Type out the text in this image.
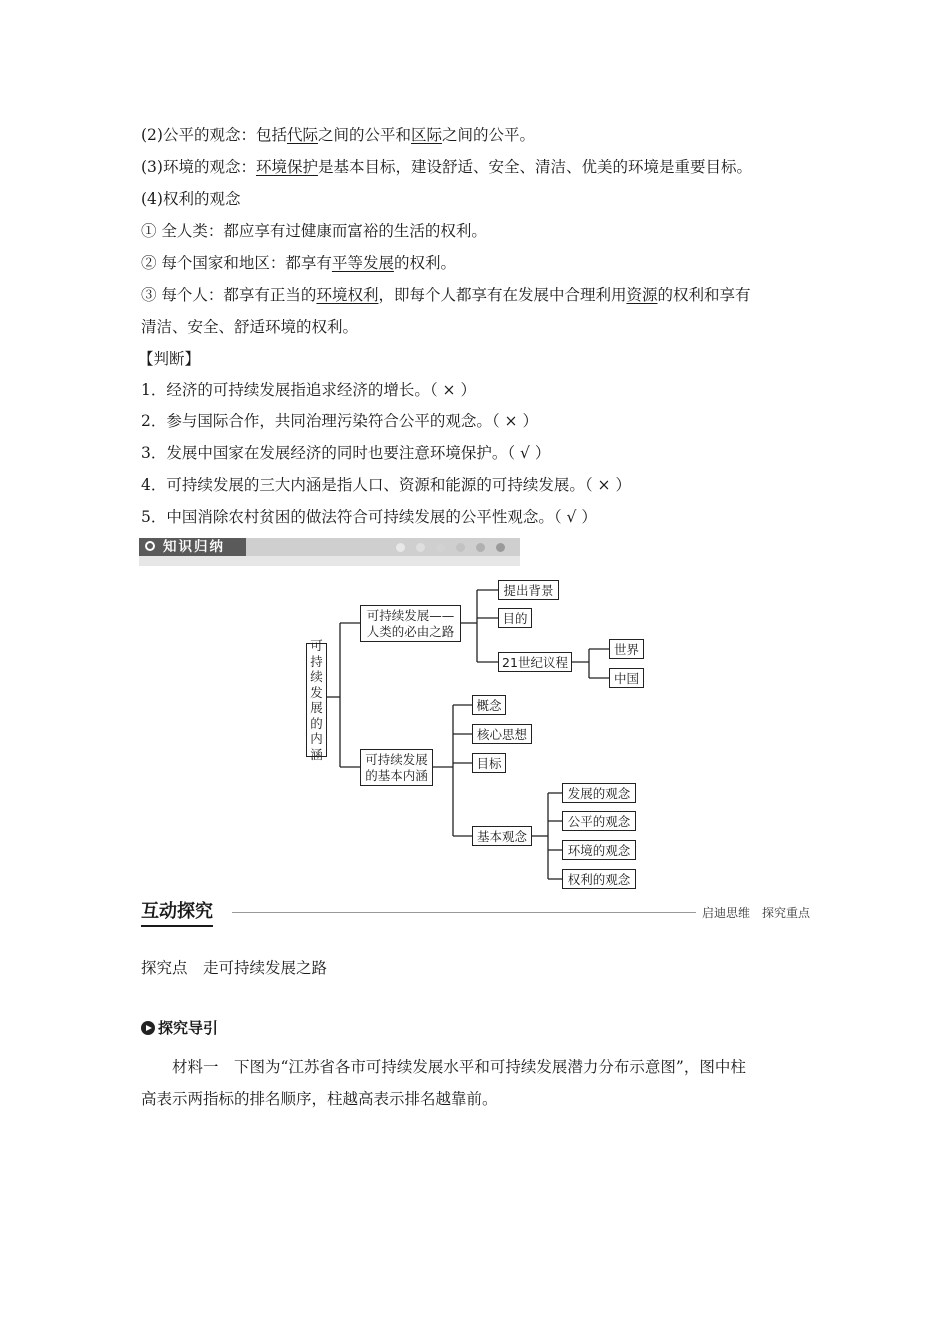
(2)公平的观念：包括代际之间的公平和区际之间的公平。
(3)环境的观念：环境保护是基本目标，建设舒适、安全、清洁、优美的环境是重要目标。
(4)权利的观念
① 全人类：都应享有过健康而富裕的生活的权利。
② 每个国家和地区：都享有平等发展的权利。
③ 每个人：都享有正当的环境权利，即每个人都享有在发展中合理利用资源的权利和享有
清洁、安全、舒适环境的权利。
【判断】
1．经济的可持续发展指追求经济的增长。（ × ）
2．参与国际合作，共同治理污染符合公平的观念。（ × ）
3．发展中国家在发展经济的同时也要注意环境保护。（ √ ）
4．可持续发展的三大内涵是指人口、资源和能源的可持续发展。（ × ）
5．中国消除农村贫困的做法符合可持续发展的公平性观念。（ √ ）
知识归纳
可
持
续
发
展
的
内
涵
可持续发展——
人类的必由之路
提出背景
目的
21世纪议程
世界
中国
可持续发展
的基本内涵
概念
核心思想
目标
基本观念
发展的观念
公平的观念
环境的观念
权利的观念
互动探究	启迪思维　探究重点
探究点　走可持续发展之路
探究导引
材料一　下图为“江苏省各市可持续发展水平和可持续发展潜力分布示意图”，图中柱
高表示两指标的排名顺序，柱越高表示排名越靠前。
